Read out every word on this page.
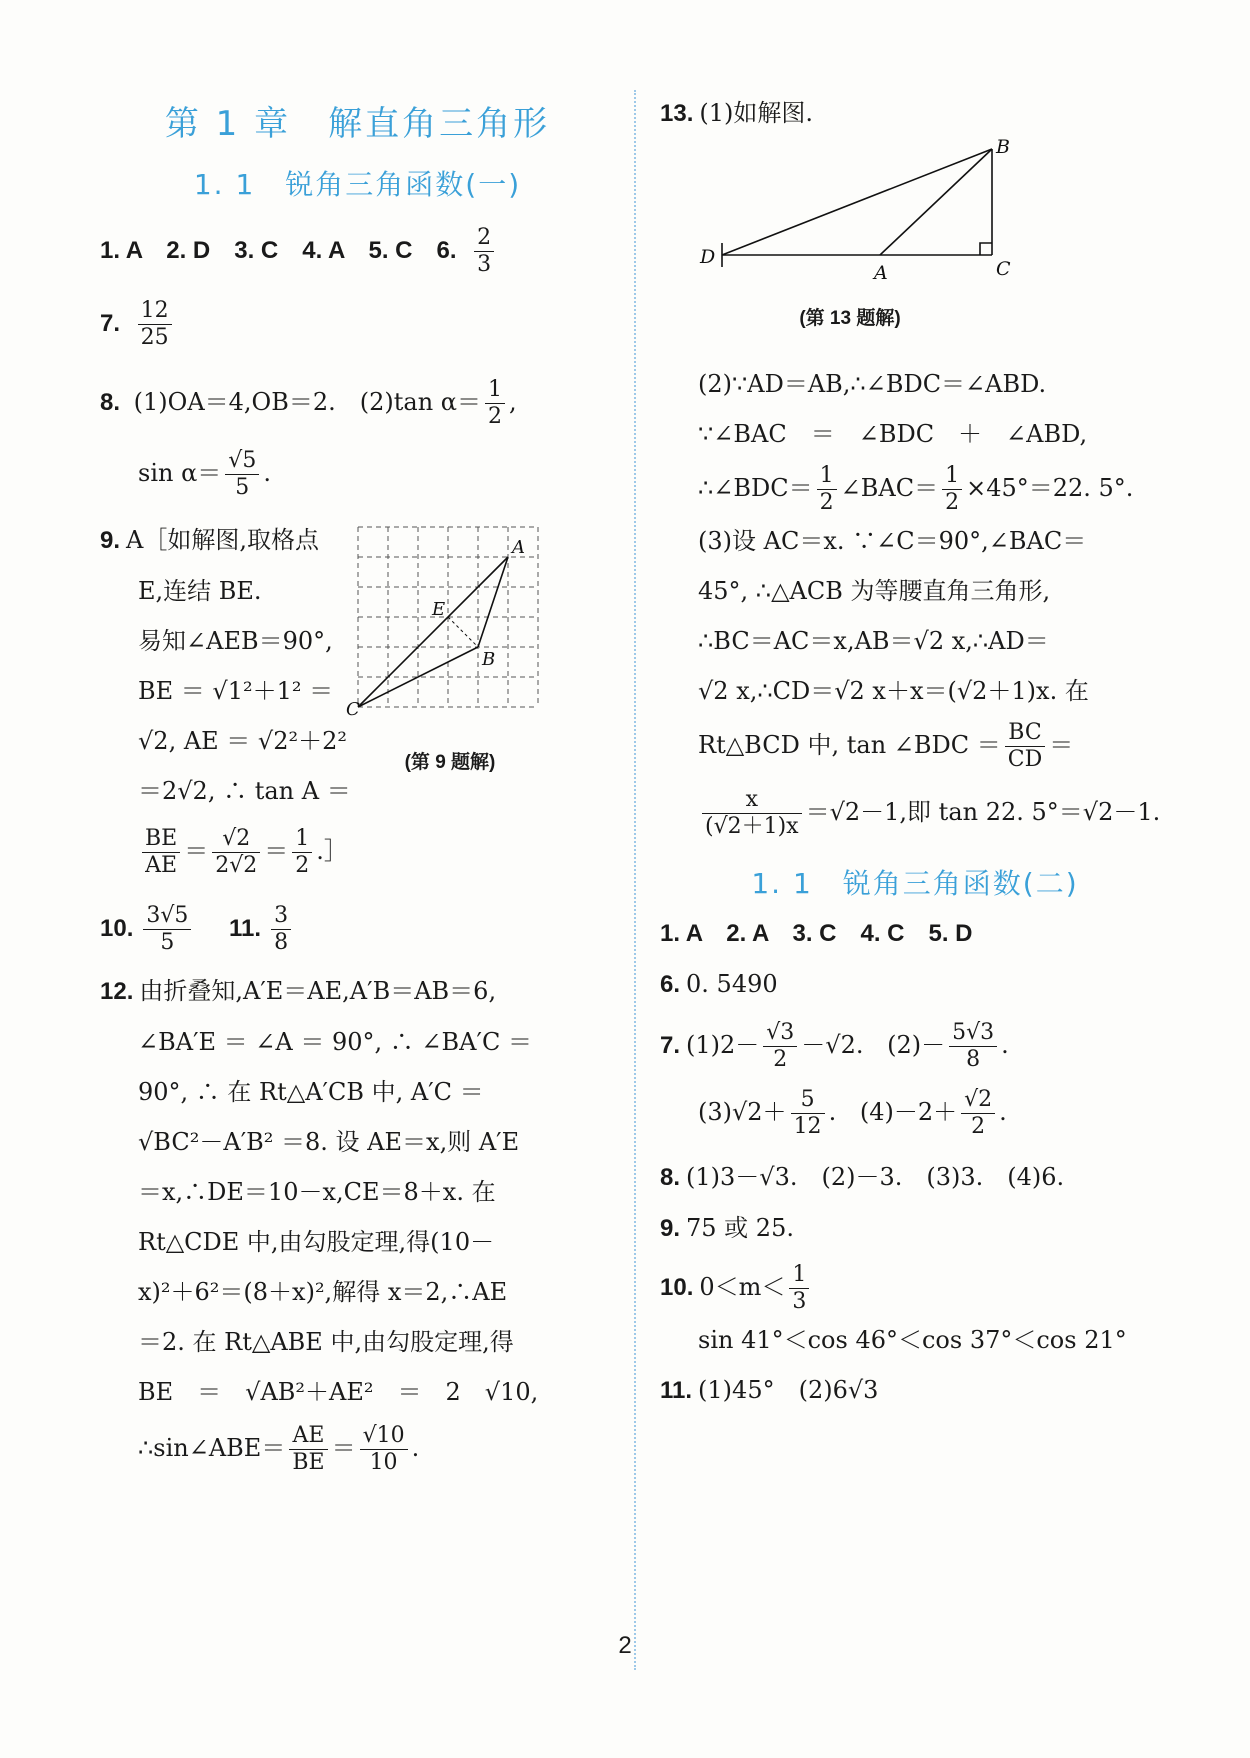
第 1 章　解直角三角形
1. 1　锐角三角函数(一)
1. A　2. D　3. C　4. A　5. C　6. $\frac{2}{3}$
7. $\frac{12}{25}$
8. (1)OA＝4,OB＝2.　(2)tan $\alpha= \frac{1}{2}$ ,
$\sin \alpha= \frac{√5}{5}$ .
9. A［如解图,取格点
E,连结 BE.
易知∠AEB＝90°,
BE ＝ √1²＋1² ＝
√2, AE ＝ √2²＋2²
＝2√2, ∴ tan A ＝
$\frac{BE}{AE} = \frac{√2}{2√2} = \frac{1}{2}$ .］
A
E
B
C
(第 9 题解)
10. $\frac{3√5}{5} 11$. $\frac{3}{8}$
12. 由折叠知,A′E＝AE,A′B＝AB＝6,
∠BA′E ＝ ∠A ＝ 90°, ∴ ∠BA′C ＝
90°, ∴ 在 Rt△A′CB 中, A′C ＝
√BC²－A′B² ＝8. 设 AE＝x,则 A′E
＝x,∴DE＝10－x,CE＝8＋x. 在
Rt△CDE 中,由勾股定理,得(10－
x)²＋6²＝(8＋x)²,解得 x＝2,∴AE
＝2. 在 Rt△ABE 中,由勾股定理,得
BE　＝　√AB²＋AE²　＝　2　√10,
∴sin∠ABE＝ $\frac{AE}{BE} = \frac{√10}{10}$ .
13. (1)如解图.
B
D
A	C
(第 13 题解)
(2)∵AD＝AB,∴∠BDC＝∠ABD.
∵∠BAC　＝　∠BDC　＋　∠ABD,
∴∠BDC＝ $\frac{1}{2}$ ∠BAC＝ $\frac{1}{2} \times 45^\circ=22$. 5°.
(3)设 AC＝x. ∵∠C＝90°,∠BAC＝
45°, ∴△ACB 为等腰直角三角形,
∴BC＝AC＝x,AB＝√2 x,∴AD＝
√2 x,∴CD＝√2 x＋x＝(√2＋1)x. 在
Rt△BCD 中, tan ∠BDC ＝ $\frac{BC}{CD}$ ＝
$\frac{x}{(√2+1)x} =√2-1$,即 tan 22. 5°＝√2－1.
1. 1　锐角三角函数(二)
1. A　2. A　3. C　4. C　5. D
6. 0. 5490
7. $(1)2- \frac{√3}{2} -√2$. $(2)- \frac{5√3}{8}$ .
$(3)√2+ \frac{5}{12}$ . $(4)-2+ \frac{√2}{2}$ .
8. (1)3－√3.　(2)－3.　(3)3.　(4)6.
9. 75 或 25.
10. $0<m< \frac{1}{3}$
sin 41°＜cos 46°＜cos 37°＜cos 21°
11. (1)45°　(2)6√3
2
